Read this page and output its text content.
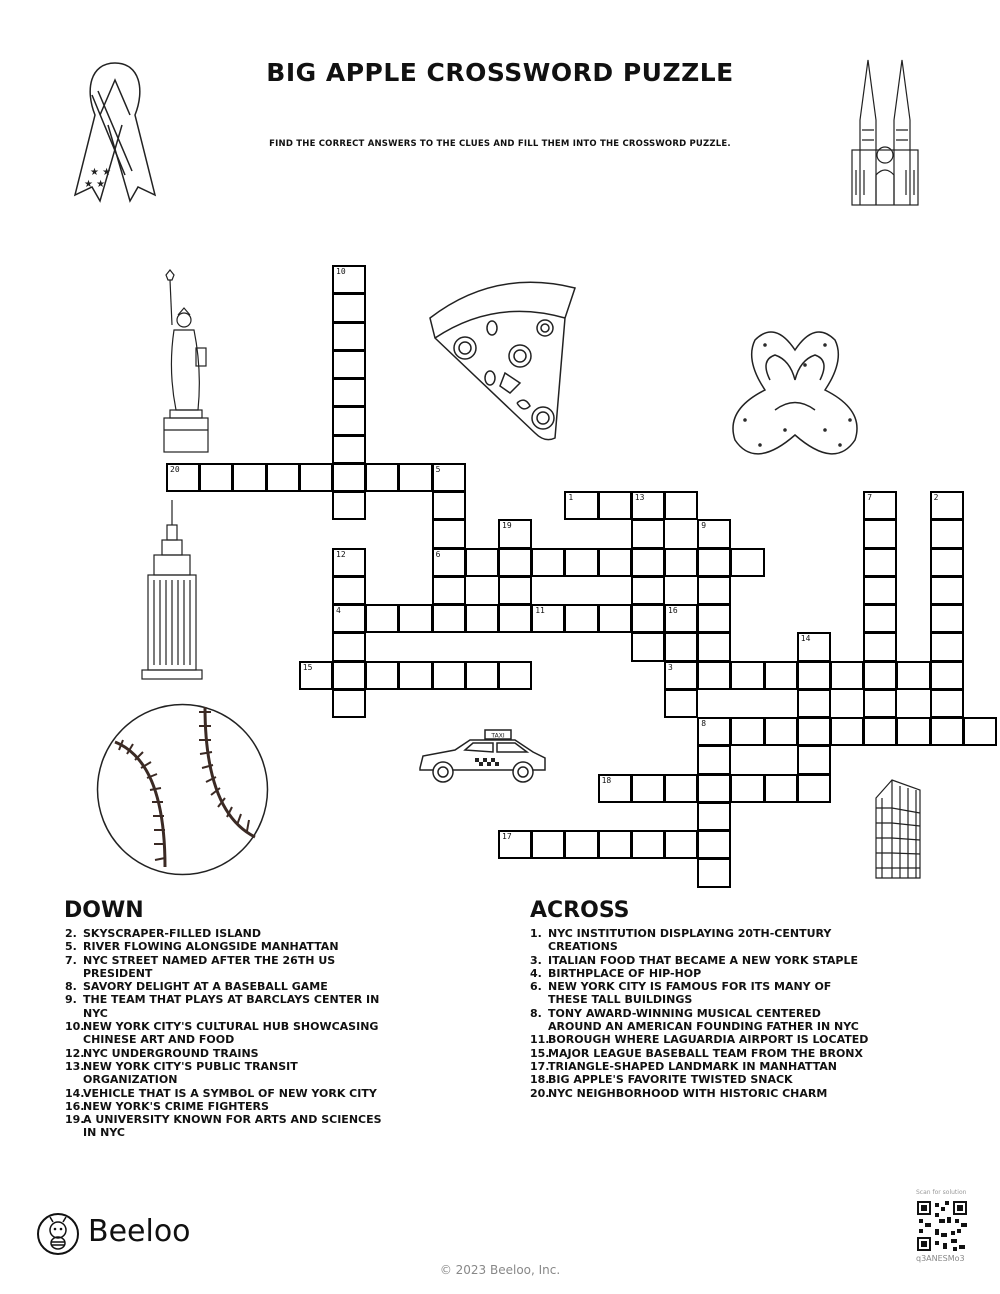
BIG APPLE CROSSWORD PUZZLE
FIND THE CORRECT ANSWERS TO THE CLUES AND FILL THEM INTO THE CROSSWORD PUZZLE.
★ ★
★ ★
TAXI
20	5
10
6
1	13	7	2
19	9
12
4	11	16
3
14
15
8
18
17
DOWN
2. SKYSCRAPER-FILLED ISLAND
5. RIVER FLOWING ALONGSIDE MANHATTAN
7. NYC STREET NAMED AFTER THE 26TH US PRESIDENT
8. SAVORY DELIGHT AT A BASEBALL GAME
9. THE TEAM THAT PLAYS AT BARCLAYS CENTER IN NYC
10.NEW YORK CITY'S CULTURAL HUB SHOWCASING CHINESE ART AND FOOD
12.NYC UNDERGROUND TRAINS
13.NEW YORK CITY'S PUBLIC TRANSIT ORGANIZATION
14.VEHICLE THAT IS A SYMBOL OF NEW YORK CITY
16.NEW YORK'S CRIME FIGHTERS
19.A UNIVERSITY KNOWN FOR ARTS AND SCIENCES IN NYC
ACROSS
1. NYC INSTITUTION DISPLAYING 20TH-CENTURY CREATIONS
3. ITALIAN FOOD THAT BECAME A NEW YORK STAPLE
4. BIRTHPLACE OF HIP-HOP
6. NEW YORK CITY IS FAMOUS FOR ITS MANY OF THESE TALL BUILDINGS
8. TONY AWARD-WINNING MUSICAL CENTERED AROUND AN AMERICAN FOUNDING FATHER IN NYC
11.BOROUGH WHERE LAGUARDIA AIRPORT IS LOCATED
15.MAJOR LEAGUE BASEBALL TEAM FROM THE BRONX
17.TRIANGLE-SHAPED LANDMARK IN MANHATTAN
18.BIG APPLE'S FAVORITE TWISTED SNACK
20.NYC NEIGHBORHOOD WITH HISTORIC CHARM
Beeloo
© 2023 Beeloo, Inc.
Scan for solution
q3ANESMo3
